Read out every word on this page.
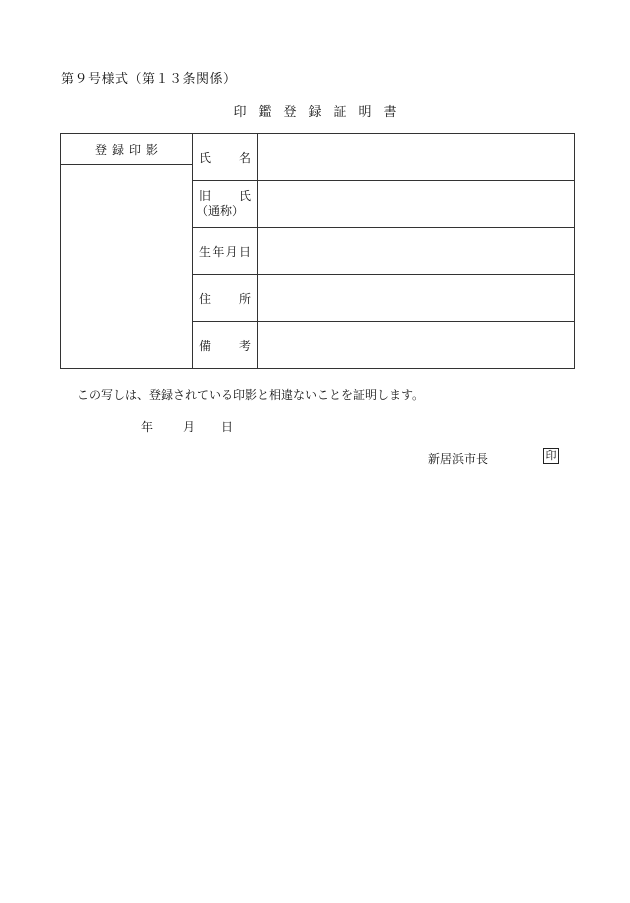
第９号様式（第１３条関係）
印鑑登録証明書
登録印影
氏 名
旧 氏
（通称）
生 年 月 日
住 所
備 考
この写しは、登録されている印影と相違ないことを証明します。
年	月 日
新居浜市長	印
